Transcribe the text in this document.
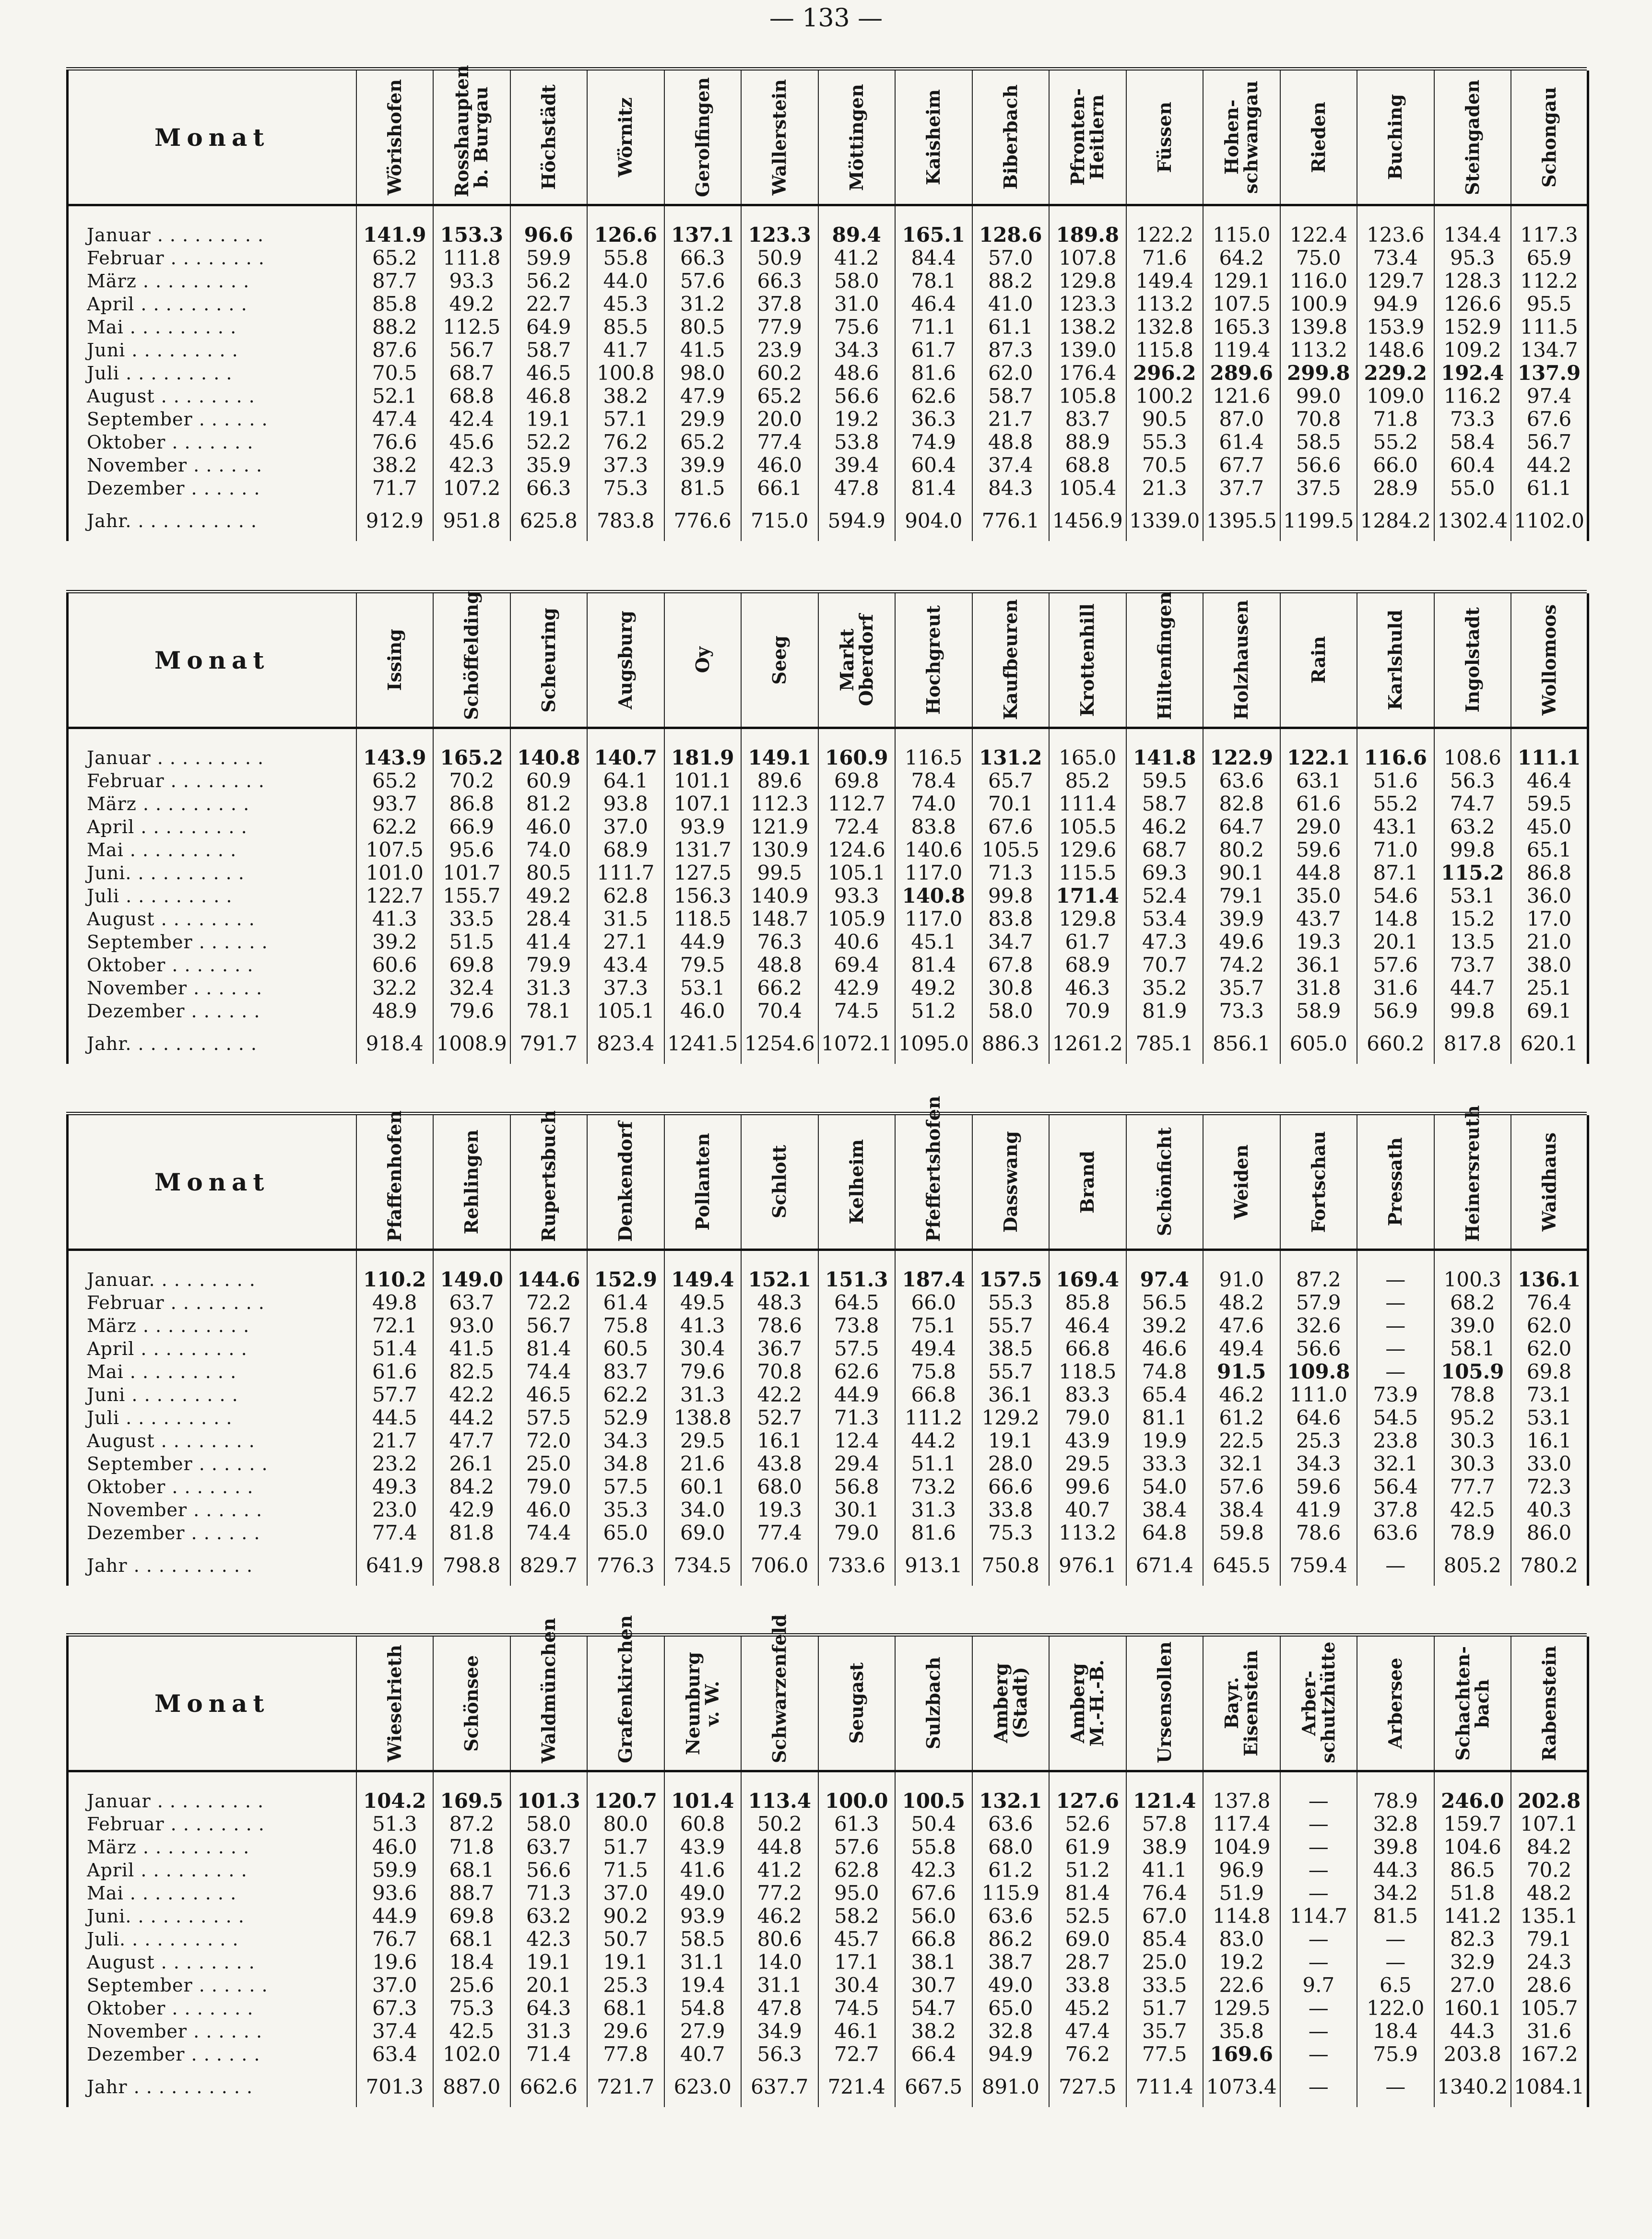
— 133 —
Monat	Wörishofen	Rosshaupten
b. Burgau	Höchstädt	Wörnitz	Gerolfingen	Wallerstein	Möttingen	Kaisheim	Biberbach	Pfronten-
Heitlern	Füssen	Hohen-
schwangau	Rieden	Buching	Steingaden	Schongau

Januar . . . . . . . . .	141.9	153.3	96.6	126.6	137.1	123.3	89.4	165.1	128.6	189.8	122.2	115.0	122.4	123.6	134.4	117.3
Februar . . . . . . . .	65.2	111.8	59.9	55.8	66.3	50.9	41.2	84.4	57.0	107.8	71.6	64.2	75.0	73.4	95.3	65.9
März . . . . . . . . .	87.7	93.3	56.2	44.0	57.6	66.3	58.0	78.1	88.2	129.8	149.4	129.1	116.0	129.7	128.3	112.2
April . . . . . . . . .	85.8	49.2	22.7	45.3	31.2	37.8	31.0	46.4	41.0	123.3	113.2	107.5	100.9	94.9	126.6	95.5
Mai . . . . . . . . .	88.2	112.5	64.9	85.5	80.5	77.9	75.6	71.1	61.1	138.2	132.8	165.3	139.8	153.9	152.9	111.5
Juni . . . . . . . . .	87.6	56.7	58.7	41.7	41.5	23.9	34.3	61.7	87.3	139.0	115.8	119.4	113.2	148.6	109.2	134.7
Juli . . . . . . . . .	70.5	68.7	46.5	100.8	98.0	60.2	48.6	81.6	62.0	176.4	296.2	289.6	299.8	229.2	192.4	137.9
August . . . . . . . .	52.1	68.8	46.8	38.2	47.9	65.2	56.6	62.6	58.7	105.8	100.2	121.6	99.0	109.0	116.2	97.4
September . . . . . .	47.4	42.4	19.1	57.1	29.9	20.0	19.2	36.3	21.7	83.7	90.5	87.0	70.8	71.8	73.3	67.6
Oktober . . . . . . .	76.6	45.6	52.2	76.2	65.2	77.4	53.8	74.9	48.8	88.9	55.3	61.4	58.5	55.2	58.4	56.7
November . . . . . .	38.2	42.3	35.9	37.3	39.9	46.0	39.4	60.4	37.4	68.8	70.5	67.7	56.6	66.0	60.4	44.2
Dezember . . . . . .	71.7	107.2	66.3	75.3	81.5	66.1	47.8	81.4	84.3	105.4	21.3	37.7	37.5	28.9	55.0	61.1
Jahr. . . . . . . . . . .	912.9	951.8	625.8	783.8	776.6	715.0	594.9	904.0	776.1	1456.9	1339.0	1395.5	1199.5	1284.2	1302.4	1102.0
Monat	Issing	Schöffelding	Scheuring	Augsburg	Oy	Seeg	Markt
Oberdorf	Hochgreut	Kaufbeuren	Krottenhill	Hiltenfingen	Holzhausen	Rain	Karlshuld	Ingolstadt	Wollomoos

Januar . . . . . . . . .	143.9	165.2	140.8	140.7	181.9	149.1	160.9	116.5	131.2	165.0	141.8	122.9	122.1	116.6	108.6	111.1
Februar . . . . . . . .	65.2	70.2	60.9	64.1	101.1	89.6	69.8	78.4	65.7	85.2	59.5	63.6	63.1	51.6	56.3	46.4
März . . . . . . . . .	93.7	86.8	81.2	93.8	107.1	112.3	112.7	74.0	70.1	111.4	58.7	82.8	61.6	55.2	74.7	59.5
April . . . . . . . . .	62.2	66.9	46.0	37.0	93.9	121.9	72.4	83.8	67.6	105.5	46.2	64.7	29.0	43.1	63.2	45.0
Mai . . . . . . . . .	107.5	95.6	74.0	68.9	131.7	130.9	124.6	140.6	105.5	129.6	68.7	80.2	59.6	71.0	99.8	65.1
Juni. . . . . . . . . .	101.0	101.7	80.5	111.7	127.5	99.5	105.1	117.0	71.3	115.5	69.3	90.1	44.8	87.1	115.2	86.8
Juli . . . . . . . . .	122.7	155.7	49.2	62.8	156.3	140.9	93.3	140.8	99.8	171.4	52.4	79.1	35.0	54.6	53.1	36.0
August . . . . . . . .	41.3	33.5	28.4	31.5	118.5	148.7	105.9	117.0	83.8	129.8	53.4	39.9	43.7	14.8	15.2	17.0
September . . . . . .	39.2	51.5	41.4	27.1	44.9	76.3	40.6	45.1	34.7	61.7	47.3	49.6	19.3	20.1	13.5	21.0
Oktober . . . . . . .	60.6	69.8	79.9	43.4	79.5	48.8	69.4	81.4	67.8	68.9	70.7	74.2	36.1	57.6	73.7	38.0
November . . . . . .	32.2	32.4	31.3	37.3	53.1	66.2	42.9	49.2	30.8	46.3	35.2	35.7	31.8	31.6	44.7	25.1
Dezember . . . . . .	48.9	79.6	78.1	105.1	46.0	70.4	74.5	51.2	58.0	70.9	81.9	73.3	58.9	56.9	99.8	69.1
Jahr. . . . . . . . . . .	918.4	1008.9	791.7	823.4	1241.5	1254.6	1072.1	1095.0	886.3	1261.2	785.1	856.1	605.0	660.2	817.8	620.1
Monat	Pfaffenhofen	Rehlingen	Rupertsbuch	Denkendorf	Pollanten	Schlott	Kelheim	Pfeffertshofen	Dasswang	Brand	Schönficht	Weiden	Fortschau	Pressath	Heinersreuth	Waidhaus

Januar. . . . . . . . .	110.2	149.0	144.6	152.9	149.4	152.1	151.3	187.4	157.5	169.4	97.4	91.0	87.2	—	100.3	136.1
Februar . . . . . . . .	49.8	63.7	72.2	61.4	49.5	48.3	64.5	66.0	55.3	85.8	56.5	48.2	57.9	—	68.2	76.4
März . . . . . . . . .	72.1	93.0	56.7	75.8	41.3	78.6	73.8	75.1	55.7	46.4	39.2	47.6	32.6	—	39.0	62.0
April . . . . . . . . .	51.4	41.5	81.4	60.5	30.4	36.7	57.5	49.4	38.5	66.8	46.6	49.4	56.6	—	58.1	62.0
Mai . . . . . . . . .	61.6	82.5	74.4	83.7	79.6	70.8	62.6	75.8	55.7	118.5	74.8	91.5	109.8	—	105.9	69.8
Juni . . . . . . . . .	57.7	42.2	46.5	62.2	31.3	42.2	44.9	66.8	36.1	83.3	65.4	46.2	111.0	73.9	78.8	73.1
Juli . . . . . . . . .	44.5	44.2	57.5	52.9	138.8	52.7	71.3	111.2	129.2	79.0	81.1	61.2	64.6	54.5	95.2	53.1
August . . . . . . . .	21.7	47.7	72.0	34.3	29.5	16.1	12.4	44.2	19.1	43.9	19.9	22.5	25.3	23.8	30.3	16.1
September . . . . . .	23.2	26.1	25.0	34.8	21.6	43.8	29.4	51.1	28.0	29.5	33.3	32.1	34.3	32.1	30.3	33.0
Oktober . . . . . . .	49.3	84.2	79.0	57.5	60.1	68.0	56.8	73.2	66.6	99.6	54.0	57.6	59.6	56.4	77.7	72.3
November . . . . . .	23.0	42.9	46.0	35.3	34.0	19.3	30.1	31.3	33.8	40.7	38.4	38.4	41.9	37.8	42.5	40.3
Dezember . . . . . .	77.4	81.8	74.4	65.0	69.0	77.4	79.0	81.6	75.3	113.2	64.8	59.8	78.6	63.6	78.9	86.0
Jahr . . . . . . . . . .	641.9	798.8	829.7	776.3	734.5	706.0	733.6	913.1	750.8	976.1	671.4	645.5	759.4	—	805.2	780.2
Monat	Wieselrieth	Schönsee	Waldmünchen	Grafenkirchen	Neunburg
v. W.	Schwarzenfeld	Seugast	Sulzbach	Amberg
(Stadt)	Amberg
M.-H.-B.	Ursensollen	Bayr.
Eisenstein	Arber-
schutzhütte	Arbersee	Schachten-
bach	Rabenstein

Januar . . . . . . . . .	104.2	169.5	101.3	120.7	101.4	113.4	100.0	100.5	132.1	127.6	121.4	137.8	—	78.9	246.0	202.8
Februar . . . . . . . .	51.3	87.2	58.0	80.0	60.8	50.2	61.3	50.4	63.6	52.6	57.8	117.4	—	32.8	159.7	107.1
März . . . . . . . . .	46.0	71.8	63.7	51.7	43.9	44.8	57.6	55.8	68.0	61.9	38.9	104.9	—	39.8	104.6	84.2
April . . . . . . . . .	59.9	68.1	56.6	71.5	41.6	41.2	62.8	42.3	61.2	51.2	41.1	96.9	—	44.3	86.5	70.2
Mai . . . . . . . . .	93.6	88.7	71.3	37.0	49.0	77.2	95.0	67.6	115.9	81.4	76.4	51.9	—	34.2	51.8	48.2
Juni. . . . . . . . . .	44.9	69.8	63.2	90.2	93.9	46.2	58.2	56.0	63.6	52.5	67.0	114.8	114.7	81.5	141.2	135.1
Juli. . . . . . . . . .	76.7	68.1	42.3	50.7	58.5	80.6	45.7	66.8	86.2	69.0	85.4	83.0	—	—	82.3	79.1
August . . . . . . . .	19.6	18.4	19.1	19.1	31.1	14.0	17.1	38.1	38.7	28.7	25.0	19.2	—	—	32.9	24.3
September . . . . . .	37.0	25.6	20.1	25.3	19.4	31.1	30.4	30.7	49.0	33.8	33.5	22.6	9.7	6.5	27.0	28.6
Oktober . . . . . . .	67.3	75.3	64.3	68.1	54.8	47.8	74.5	54.7	65.0	45.2	51.7	129.5	—	122.0	160.1	105.7
November . . . . . .	37.4	42.5	31.3	29.6	27.9	34.9	46.1	38.2	32.8	47.4	35.7	35.8	—	18.4	44.3	31.6
Dezember . . . . . .	63.4	102.0	71.4	77.8	40.7	56.3	72.7	66.4	94.9	76.2	77.5	169.6	—	75.9	203.8	167.2
Jahr . . . . . . . . . .	701.3	887.0	662.6	721.7	623.0	637.7	721.4	667.5	891.0	727.5	711.4	1073.4	—	—	1340.2	1084.1
